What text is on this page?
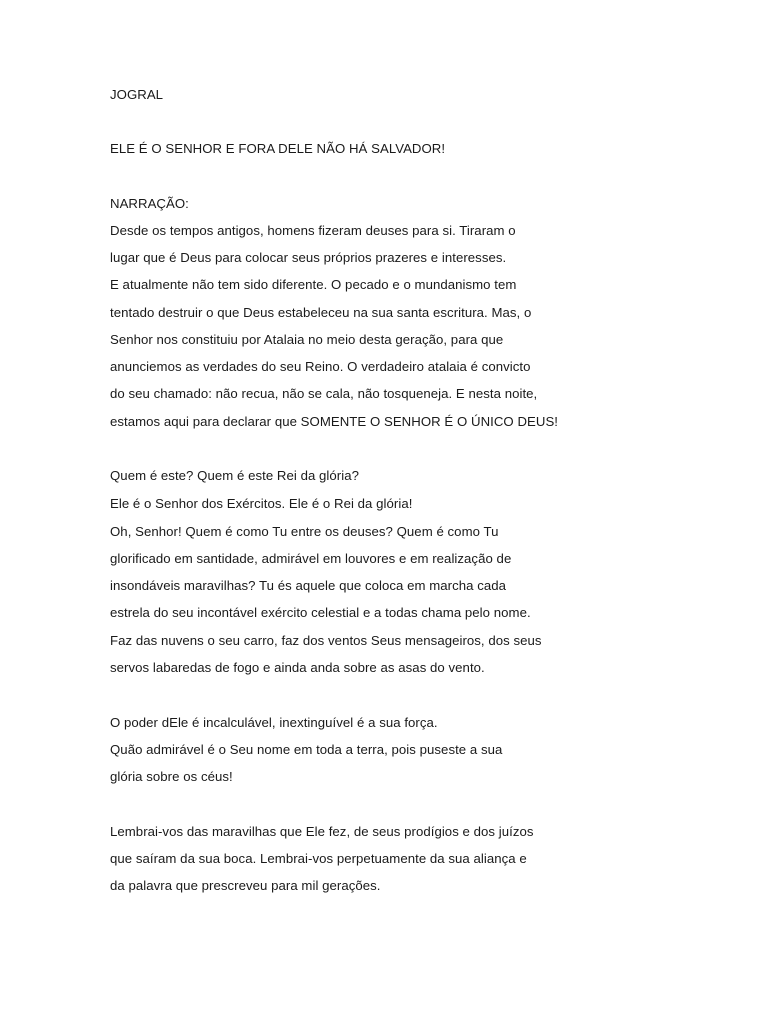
JOGRAL
ELE É O SENHOR E FORA DELE NÃO HÁ SALVADOR!
NARRAÇÃO:
Desde os tempos antigos, homens fizeram deuses para si. Tiraram o
lugar que é Deus para colocar seus próprios prazeres e interesses.
E atualmente não tem sido diferente. O pecado e o mundanismo tem
tentado destruir o que Deus estabeleceu na sua santa escritura. Mas, o
Senhor nos constituiu por Atalaia no meio desta geração, para que
anunciemos as verdades do seu Reino. O verdadeiro atalaia é convicto
do seu chamado: não recua, não se cala, não tosqueneja. E nesta noite,
estamos aqui para declarar que SOMENTE O SENHOR É O ÚNICO DEUS!
Quem é este? Quem é este Rei da glória?
Ele é o Senhor dos Exércitos. Ele é o Rei da glória!
Oh, Senhor! Quem é como Tu entre os deuses? Quem é como Tu
glorificado em santidade, admirável em louvores e em realização de
insondáveis maravilhas? Tu és aquele que coloca em marcha cada
estrela do seu incontável exército celestial e a todas chama pelo nome.
Faz das nuvens o seu carro, faz dos ventos Seus mensageiros, dos seus
servos labaredas de fogo e ainda anda sobre as asas do vento.
O poder dEle é incalculável, inextinguível é a sua força.
Quão admirável é o Seu nome em toda a terra, pois puseste a sua
glória sobre os céus!
Lembrai-vos das maravilhas que Ele fez, de seus prodígios e dos juízos
que saíram da sua boca. Lembrai-vos perpetuamente da sua aliança e
da palavra que prescreveu para mil gerações.
